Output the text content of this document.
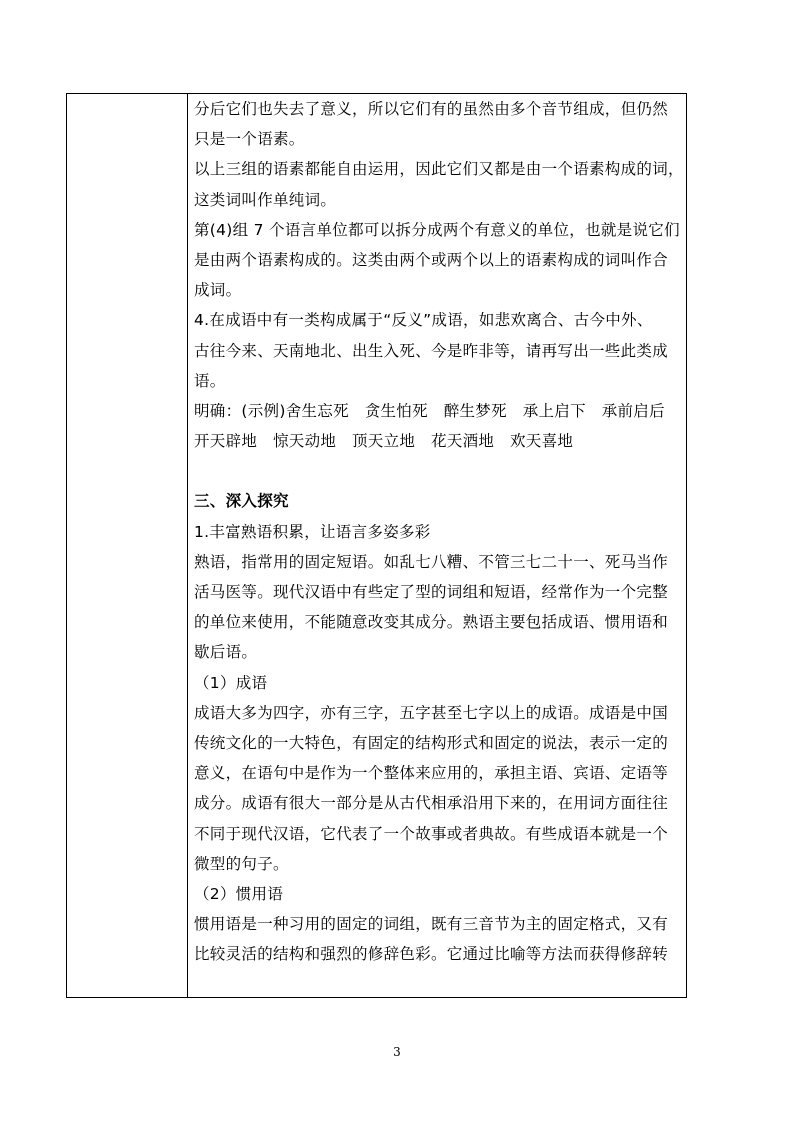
分后它们也失去了意义，所以它们有的虽然由多个音节组成，但仍然
只是一个语素。
以上三组的语素都能自由运用，因此它们又都是由一个语素构成的词，
这类词叫作单纯词。
第(4)组 7 个语言单位都可以拆分成两个有意义的单位，也就是说它们
是由两个语素构成的。这类由两个或两个以上的语素构成的词叫作合
成词。
4.在成语中有一类构成属于“反义”成语，如悲欢离合、古今中外、
古往今来、天南地北、出生入死、今是昨非等，请再写出一些此类成
语。
明确：(示例)舍生忘死　贪生怕死　醉生梦死　承上启下　承前启后
开天辟地　惊天动地　顶天立地　花天酒地　欢天喜地
三、深入探究
1.丰富熟语积累，让语言多姿多彩
熟语，指常用的固定短语。如乱七八糟、不管三七二十一、死马当作
活马医等。现代汉语中有些定了型的词组和短语，经常作为一个完整
的单位来使用，不能随意改变其成分。熟语主要包括成语、惯用语和
歇后语。
（1）成语
成语大多为四字，亦有三字，五字甚至七字以上的成语。成语是中国
传统文化的一大特色，有固定的结构形式和固定的说法，表示一定的
意义，在语句中是作为一个整体来应用的，承担主语、宾语、定语等
成分。成语有很大一部分是从古代相承沿用下来的，在用词方面往往
不同于现代汉语，它代表了一个故事或者典故。有些成语本就是一个
微型的句子。
（2）惯用语
惯用语是一种习用的固定的词组，既有三音节为主的固定格式，又有
比较灵活的结构和强烈的修辞色彩。它通过比喻等方法而获得修辞转
3
